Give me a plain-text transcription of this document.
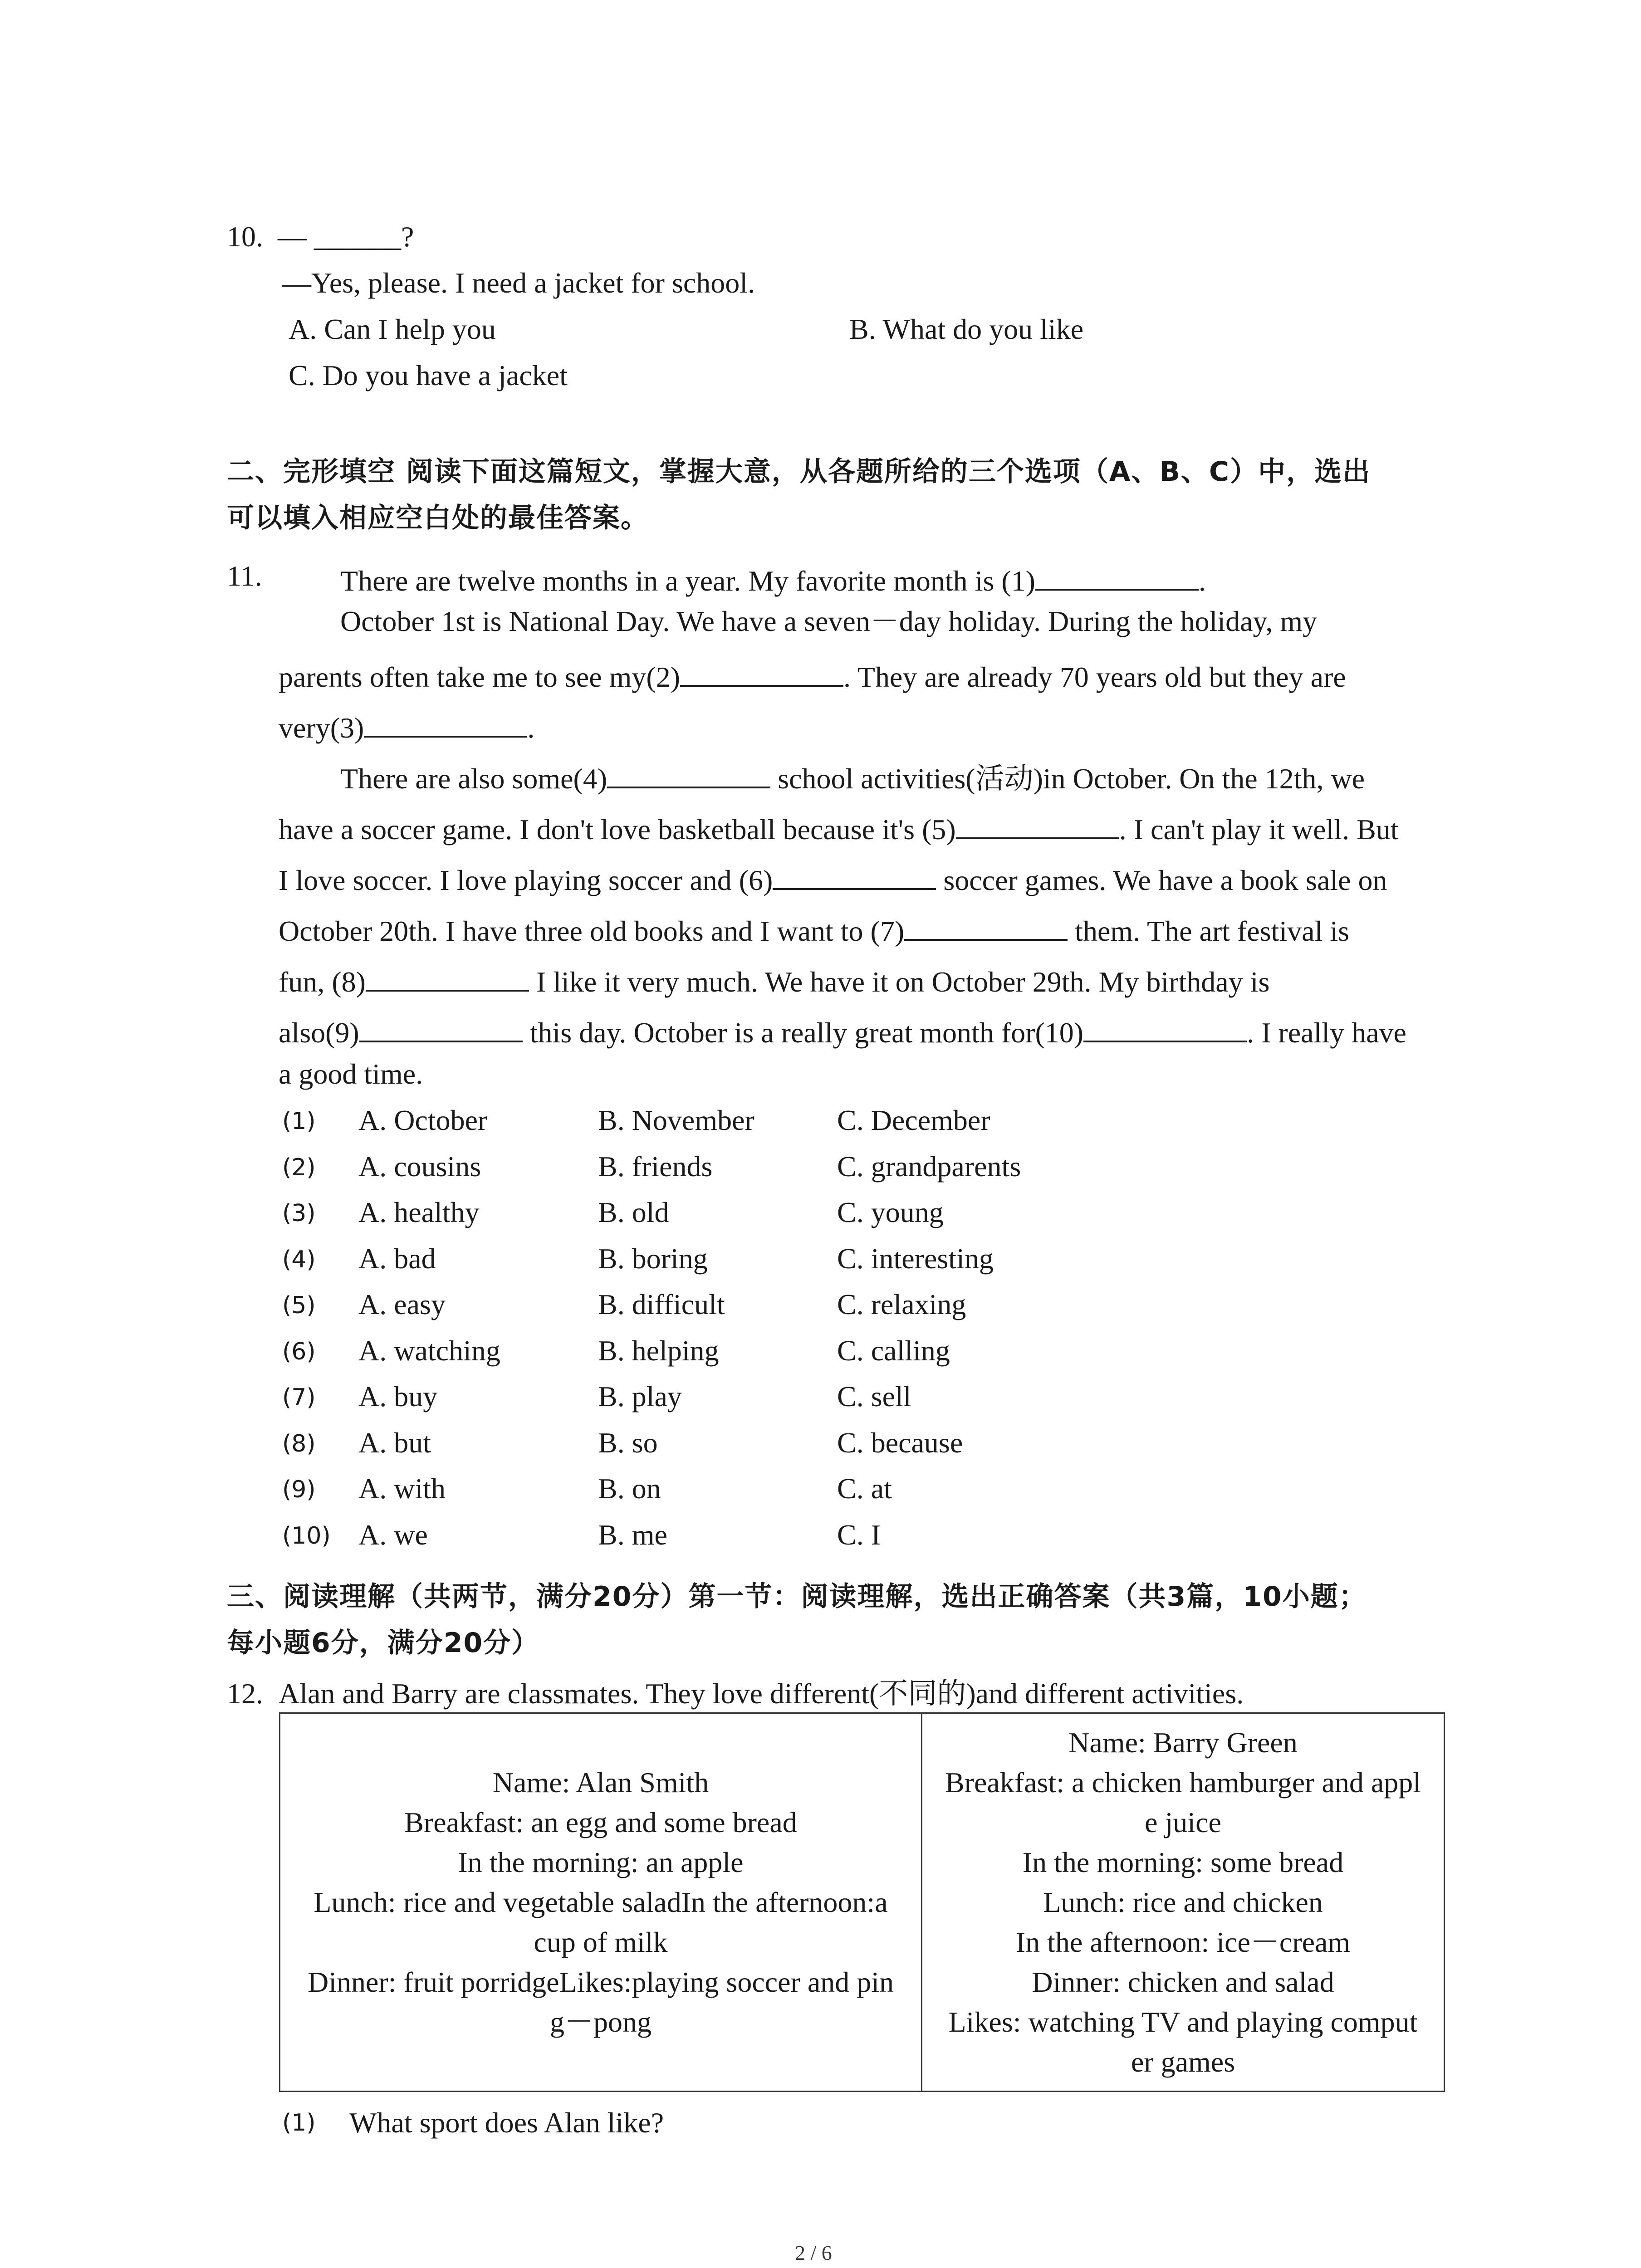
10. — ______?
—Yes, please. I need a jacket for school.
A. Can I help you	B. What do you like
C. Do you have a jacket
二、完形填空 阅读下面这篇短文，掌握大意，从各题所给的三个选项（A、B、C）中，选出
可以填入相应空白处的最佳答案。
11.	There are twelve months in a year. My favorite month is (1)	.
October 1st is National Day. We have a seven－day holiday. During the holiday, my
parents often take me to see my(2)	. They are already 70 years old but they are
very(3)	.
There are also some(4)	school activities(活动)in October. On the 12th, we
have a soccer game. I don't love basketball because it's (5)	. I can't play it well. But
I love soccer. I love playing soccer and (6)	soccer games. We have a book sale on
October 20th. I have three old books and I want to (7)	them. The art festival is
fun, (8)	I like it very much. We have it on October 29th. My birthday is
also(9)	this day. October is a really great month for(10)	. I really have
a good time.
(1) A. October	B. November	C. December
(2) A. cousins	B. friends	C. grandparents
(3) A. healthy	B. old	C. young
(4) A. bad	B. boring	C. interesting
(5) A. easy	B. difficult	C. relaxing
(6) A. watching	B. helping	C. calling
(7) A. buy	B. play	C. sell
(8) A. but	B. so	C. because
(9) A. with	B. on	C. at
(10) A. we	B. me	C. I
三、阅读理解（共两节，满分20分）第一节：阅读理解，选出正确答案（共3篇，10小题；
每小题6分，满分20分）
12. Alan and Barry are classmates. They love different(不同的)and different activities.
Name: Alan Smith
Breakfast: an egg and some bread
In the morning: an apple
Lunch: rice and vegetable saladIn the afternoon:a
cup of milk
Dinner: fruit porridgeLikes:playing soccer and pin
g－pong
Name: Barry Green
Breakfast: a chicken hamburger and appl
e juice
In the morning: some bread
Lunch: rice and chicken
In the afternoon: ice－cream
Dinner: chicken and salad
Likes: watching TV and playing comput
er games
(1) What sport does Alan like?
2 / 6
